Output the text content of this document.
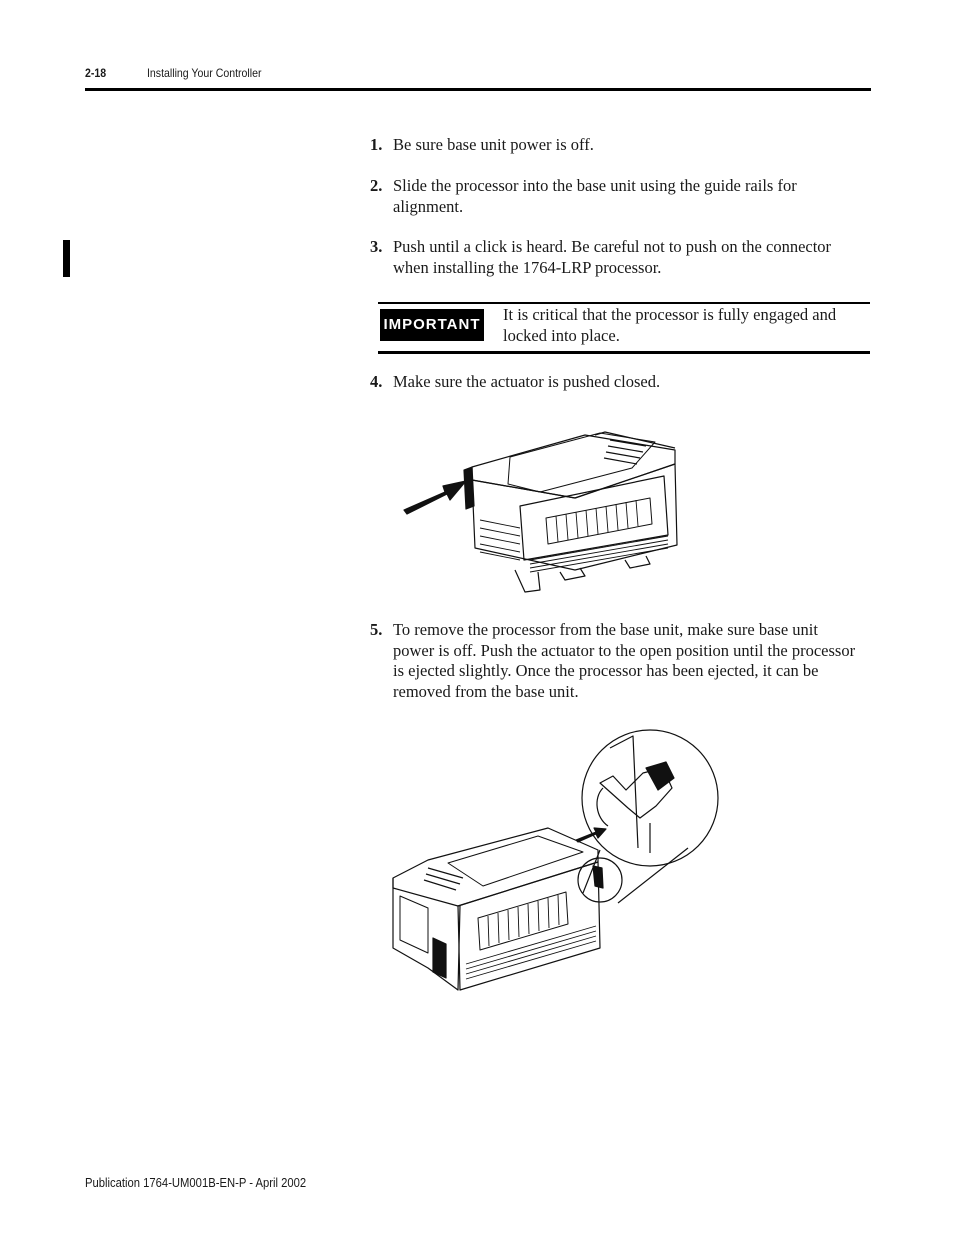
2-18	Installing Your Controller
1. Be sure base unit power is off.
2. Slide the processor into the base unit using the guide rails for alignment.
3. Push until a click is heard. Be careful not to push on the connector when installing the 1764-LRP processor.
IMPORTANT
It is critical that the processor is fully engaged and locked into place.
4. Make sure the actuator is pushed closed.
5. To remove the processor from the base unit, make sure base unit power is off. Push the actuator to the open position until the processor is ejected slightly. Once the processor has been ejected, it can be removed from the base unit.
Publication 1764-UM001B-EN-P - April 2002
